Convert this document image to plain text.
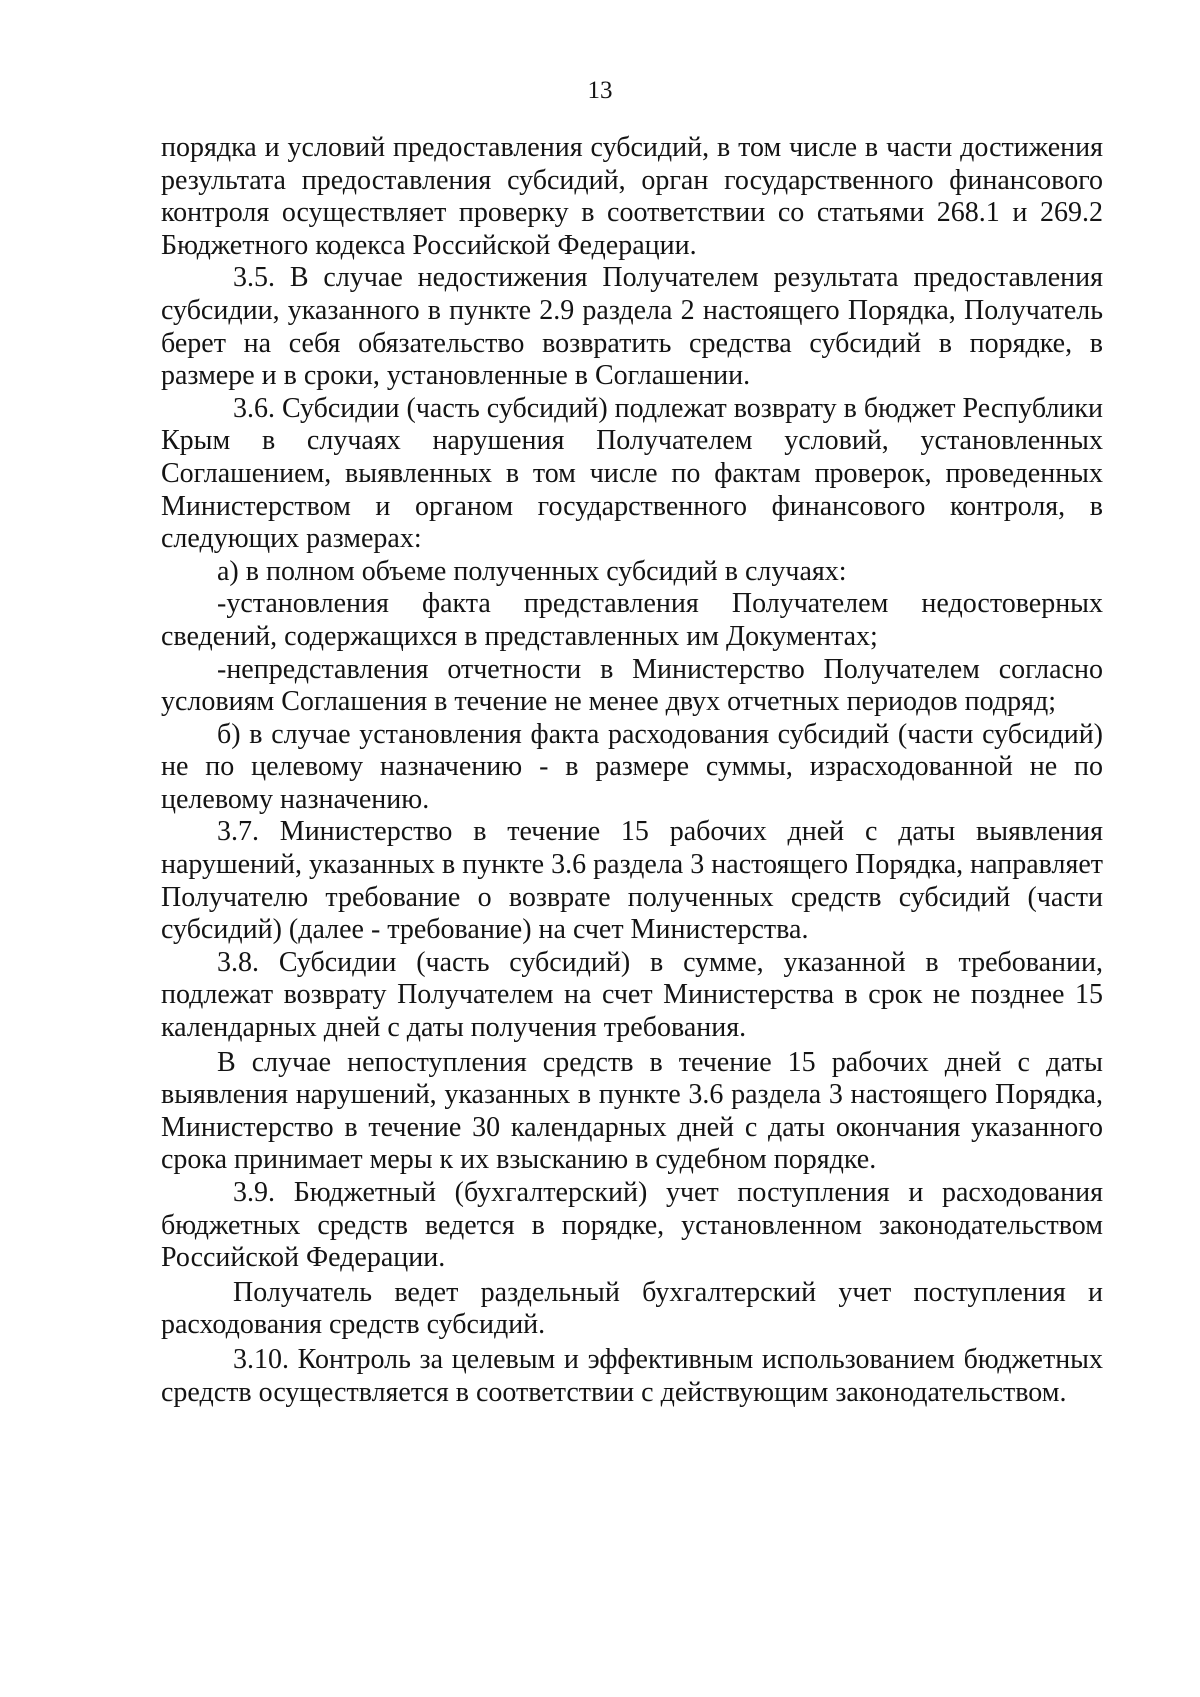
13

порядка и условий предоставления субсидий, в том числе в части достижения результата предоставления субсидий, орган государственного финансового контроля осуществляет проверку в соответствии со статьями 268.1 и 269.2 Бюджетного кодекса Российской Федерации.

3.5. В случае недостижения Получателем результата предоставления субсидии, указанного в пункте 2.9 раздела 2 настоящего Порядка, Получатель берет на себя обязательство возвратить средства субсидий в порядке, в размере и в сроки, установленные в Соглашении.

3.6. Субсидии (часть субсидий) подлежат возврату в бюджет Республики Крым в случаях нарушения Получателем условий, установленных Соглашением, выявленных в том числе по фактам проверок, проведенных Министерством и органом государственного финансового контроля, в следующих размерах:

а) в полном объеме полученных субсидий в случаях:

-установления факта представления Получателем недостоверных сведений, содержащихся в представленных им Документах;

-непредставления отчетности в Министерство Получателем согласно условиям Соглашения в течение не менее двух отчетных периодов подряд;

б) в случае установления факта расходования субсидий (части субсидий) не по целевому назначению - в размере суммы, израсходованной не по целевому назначению.

3.7. Министерство в течение 15 рабочих дней с даты выявления нарушений, указанных в пункте 3.6 раздела 3 настоящего Порядка, направляет Получателю требование о возврате полученных средств субсидий (части субсидий) (далее - требование) на счет Министерства.

3.8. Субсидии (часть субсидий) в сумме, указанной в требовании, подлежат возврату Получателем на счет Министерства в срок не позднее 15 календарных дней с даты получения требования.

В случае непоступления средств в течение 15 рабочих дней с даты выявления нарушений, указанных в пункте 3.6 раздела 3 настоящего Порядка, Министерство в течение 30 календарных дней с даты окончания указанного срока принимает меры к их взысканию в судебном порядке.

3.9. Бюджетный (бухгалтерский) учет поступления и расходования бюджетных средств ведется в порядке, установленном законодательством Российской Федерации.

Получатель ведет раздельный бухгалтерский учет поступления и расходования средств субсидий.

3.10. Контроль за целевым и эффективным использованием бюджетных средств осуществляется в соответствии с действующим законодательством.
